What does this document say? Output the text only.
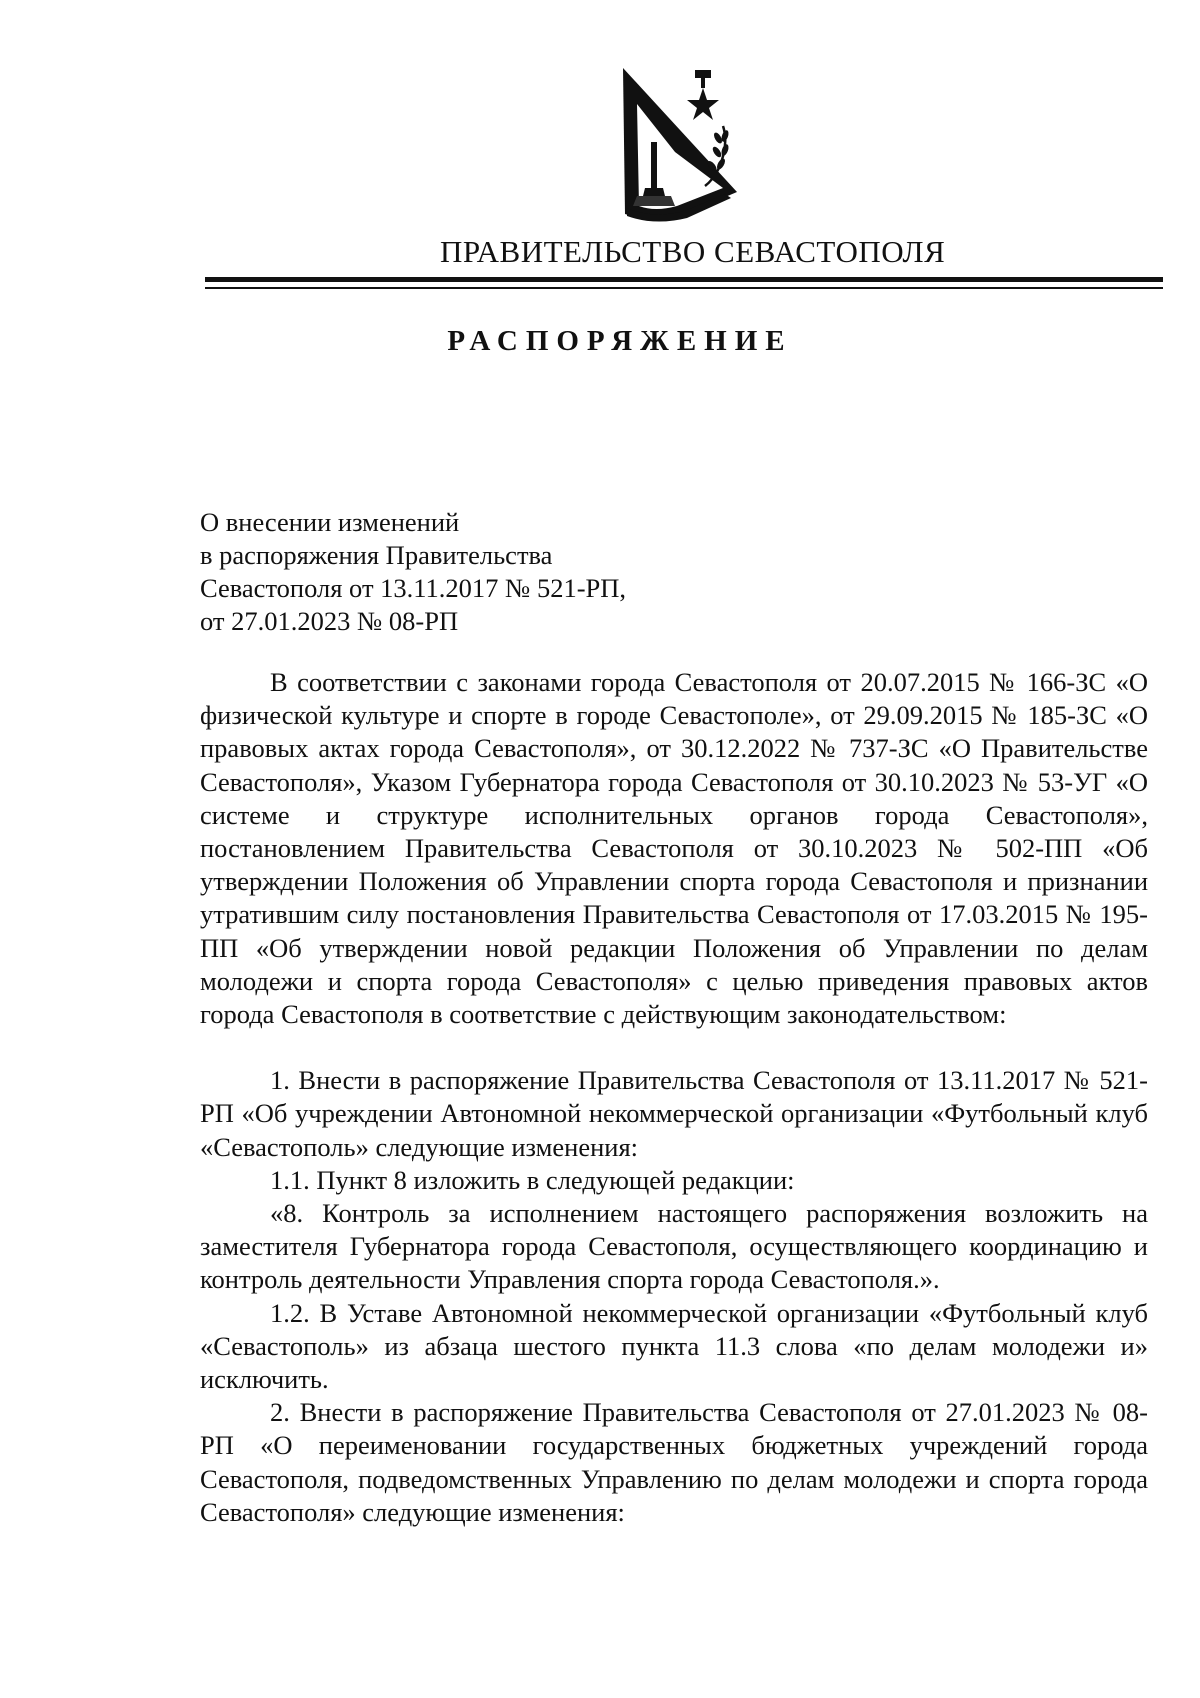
ПРАВИТЕЛЬСТВО СЕВАСТОПОЛЯ
РАСПОРЯЖЕНИЕ
О внесении изменений
в распоряжения Правительства
Севастополя от 13.11.2017 № 521-РП,
от 27.01.2023 № 08-РП

В соответствии с законами города Севастополя от 20.07.2015 № 166-ЗС «О физической культуре и спорте в городе Севастополе», от 29.09.2015 № 185-ЗС «О правовых актах города Севастополя», от 30.12.2022 № 737-ЗС «О Правительстве Севастополя», Указом Губернатора города Севастополя от 30.10.2023 № 53-УГ «О системе и структуре исполнительных органов города Севастополя», постановлением Правительства Севастополя от 30.10.2023 № 502-ПП «Об утверждении Положения об Управлении спорта города Севастополя и признании утратившим силу постановления Правительства Севастополя от 17.03.2015 № 195-ПП «Об утверждении новой редакции Положения об Управлении по делам молодежи и спорта города Севастополя» с целью приведения правовых актов города Севастополя в соответствие с действующим законодательством:

1. Внести в распоряжение Правительства Севастополя от 13.11.2017 № 521-РП «Об учреждении Автономной некоммерческой организации «Футбольный клуб «Севастополь» следующие изменения:

1.1. Пункт 8 изложить в следующей редакции:

«8. Контроль за исполнением настоящего распоряжения возложить на заместителя Губернатора города Севастополя, осуществляющего координацию и контроль деятельности Управления спорта города Севастополя.».

1.2. В Уставе Автономной некоммерческой организации «Футбольный клуб «Севастополь» из абзаца шестого пункта 11.3 слова «по делам молодежи и» исключить.

2. Внести в распоряжение Правительства Севастополя от 27.01.2023 № 08-РП «О переименовании государственных бюджетных учреждений города Севастополя, подведомственных Управлению по делам молодежи и спорта города Севастополя» следующие изменения:
